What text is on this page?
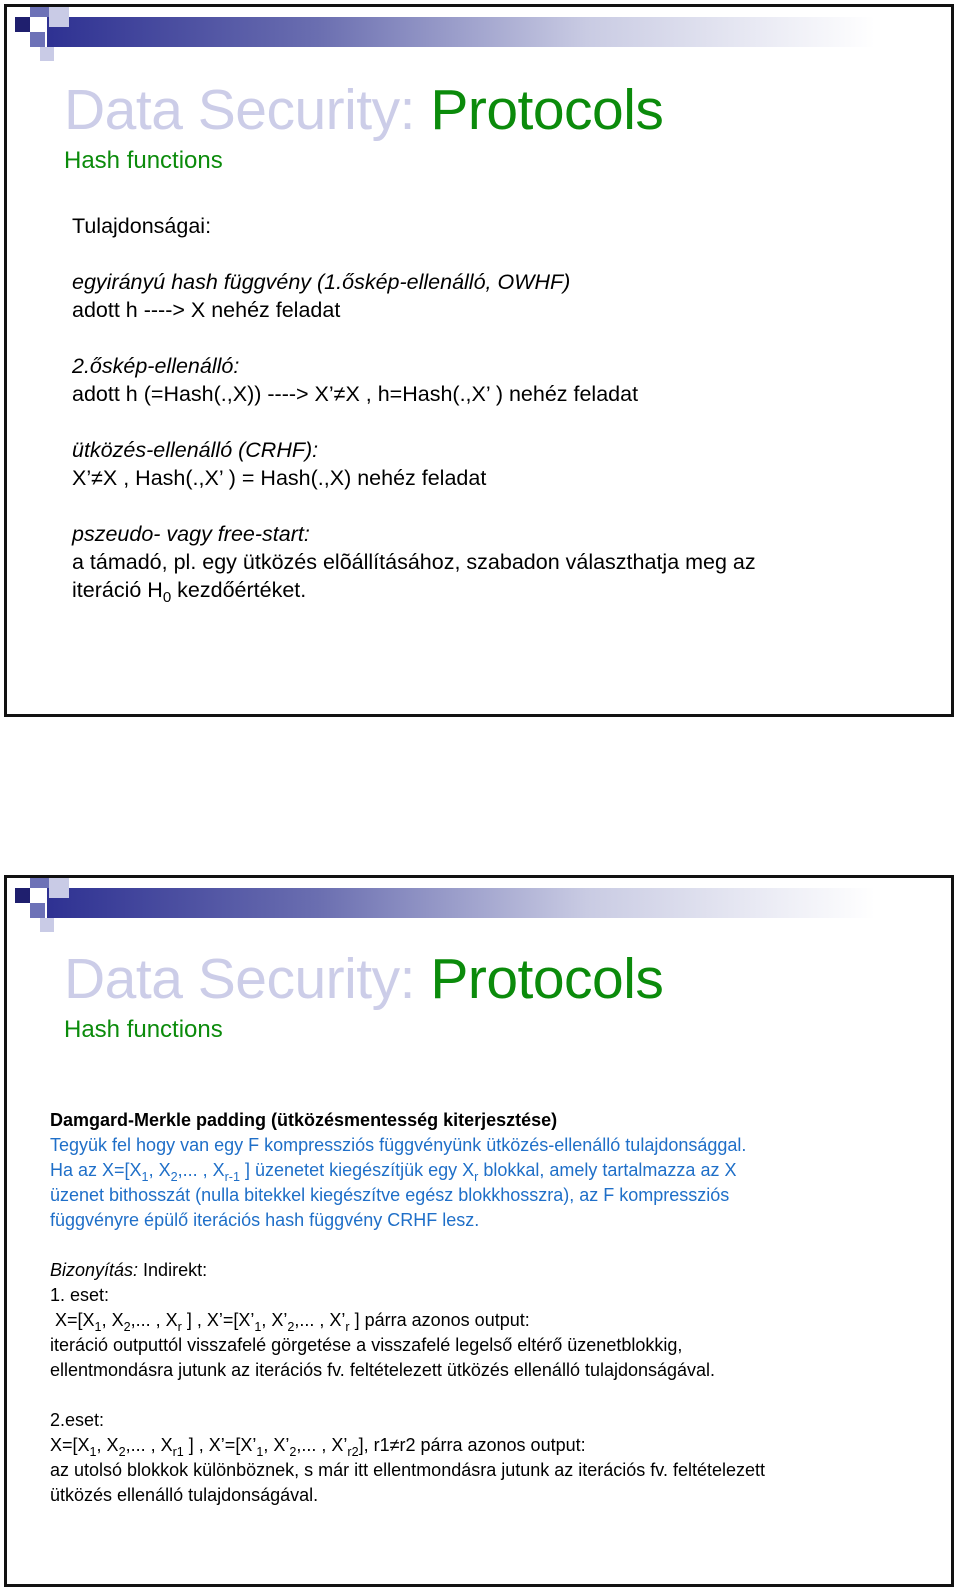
Data Security: Protocols
Hash functions

Tulajdonságai:

egyirányú hash függvény (1.őskép-ellenálló, OWHF)

adott h ----> X nehéz feladat

2.őskép-ellenálló:

adott h (=Hash(.,X)) ----> X’≠X , h=Hash(.,X’ ) nehéz feladat

ütközés-ellenálló (CRHF):

X’≠X , Hash(.,X’ ) = Hash(.,X) nehéz feladat

pszeudo- vagy free-start:

a támadó, pl. egy ütközés elõállításához, szabadon választhatja meg az

iteráció $H_0$ kezdőértéket.

Data Security: Protocols
Hash functions

Damgard-Merkle padding (ütközésmentesség kiterjesztése)

Tegyük fel hogy van egy F kompressziós függvényünk ütközés-ellenálló tulajdonsággal.

Ha az $X=[X_1$, $X_2$,... , $X_{r-1}$ ] üzenetet kiegészítjük egy $X_r$ blokkal, amely tartalmazza az X

üzenet bithosszát (nulla bitekkel kiegészítve egész blokkhosszra), az F kompressziós

függvényre épülő iterációs hash függvény CRHF lesz.

Bizonyítás: Indirekt:

1. eset:

$X=[X_1$, $X_2$,... , $X_r$ ] , $X’=[X’_1$, $X’_2$,... , $X’_r$ ] párra azonos output:

iteráció outputtól visszafelé görgetése a visszafelé legelső eltérő üzenetblokkig,

ellentmondásra jutunk az iterációs fv. feltételezett ütközés ellenálló tulajdonságával.

2.eset:

$X=[X_1$, $X_2$,... , $X_{r1}$ ] , $X’=[X’_1$, $X’_2$,... , $X’_{r2}$], r1≠r2 párra azonos output:

az utolsó blokkok különböznek, s már itt ellentmondásra jutunk az iterációs fv. feltételezett

ütközés ellenálló tulajdonságával.
